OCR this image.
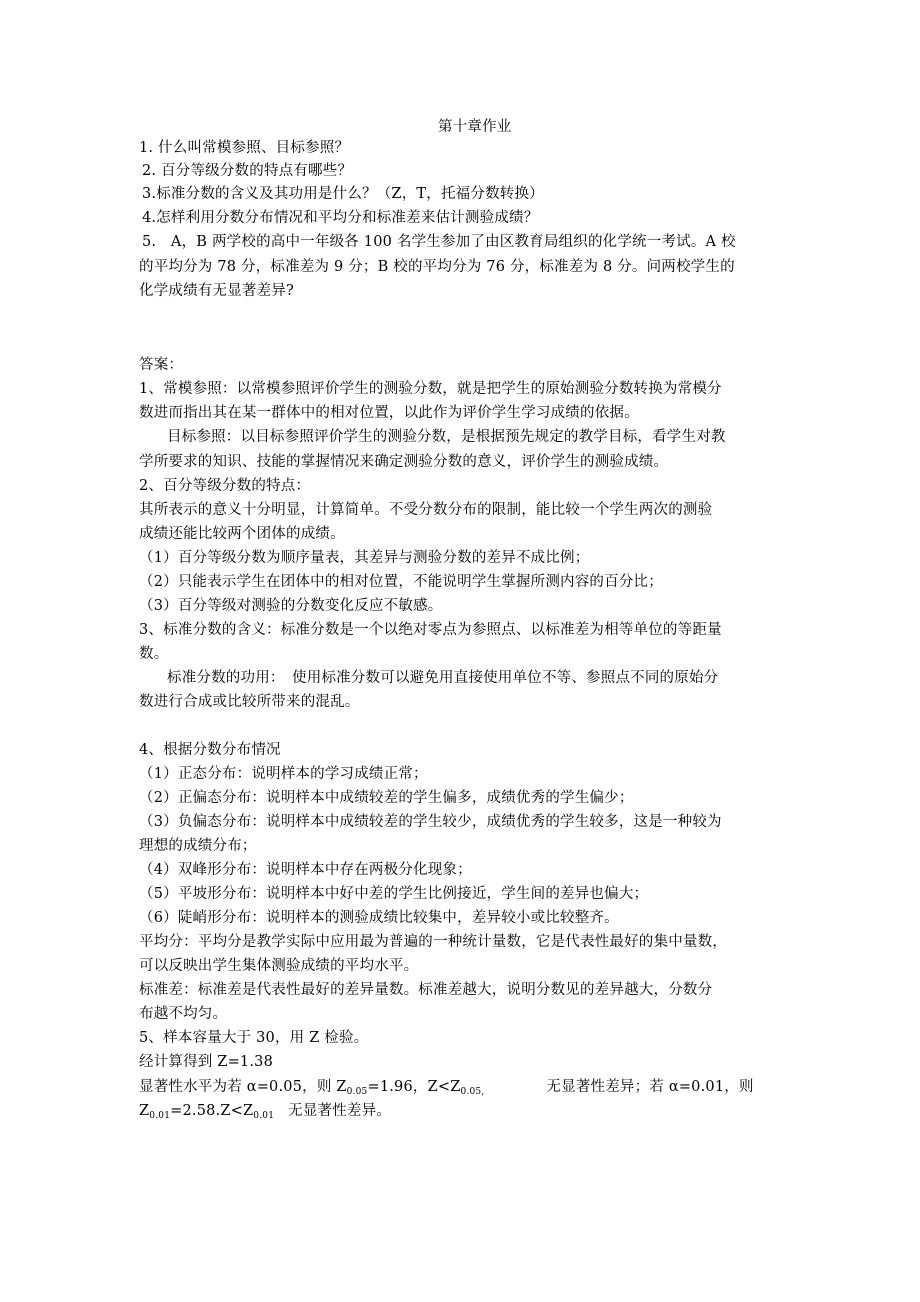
第十章作业
1. 什么叫常模参照、目标参照？
2. 百分等级分数的特点有哪些？
3.标准分数的含义及其功用是什么？（Z，T，托福分数转换）
4.怎样利用分数分布情况和平均分和标准差来估计测验成绩？
5.　A，B 两学校的高中一年级各 100 名学生参加了由区教育局组织的化学统一考试。A 校
的平均分为 78 分，标准差为 9 分；B 校的平均分为 76 分，标准差为 8 分。问两校学生的
化学成绩有无显著差异?
答案：
1、常模参照：以常模参照评价学生的测验分数，就是把学生的原始测验分数转换为常模分
数进而指出其在某一群体中的相对位置，以此作为评价学生学习成绩的依据。
目标参照：以目标参照评价学生的测验分数，是根据预先规定的教学目标，看学生对教
学所要求的知识、技能的掌握情况来确定测验分数的意义，评价学生的测验成绩。
2、百分等级分数的特点：
其所表示的意义十分明显，计算简单。不受分数分布的限制，能比较一个学生两次的测验
成绩还能比较两个团体的成绩。
（1）百分等级分数为顺序量表，其差异与测验分数的差异不成比例；
（2）只能表示学生在团体中的相对位置，不能说明学生掌握所测内容的百分比；
（3）百分等级对测验的分数变化反应不敏感。
3、标准分数的含义：标准分数是一个以绝对零点为参照点、以标准差为相等单位的等距量
数。
标准分数的功用：　使用标准分数可以避免用直接使用单位不等、参照点不同的原始分
数进行合成或比较所带来的混乱。
4、根据分数分布情况
（1）正态分布：说明样本的学习成绩正常；
（2）正偏态分布：说明样本中成绩较差的学生偏多，成绩优秀的学生偏少；
（3）负偏态分布：说明样本中成绩较差的学生较少，成绩优秀的学生较多，这是一种较为
理想的成绩分布；
（4）双峰形分布：说明样本中存在两极分化现象；
（5）平坡形分布：说明样本中好中差的学生比例接近，学生间的差异也偏大；
（6）陡峭形分布：说明样本的测验成绩比较集中，差异较小或比较整齐。
平均分：平均分是教学实际中应用最为普遍的一种统计量数，它是代表性最好的集中量数，
可以反映出学生集体测验成绩的平均水平。
标准差：标准差是代表性最好的差异量数。标准差越大，说明分数见的差异越大，分数分
布越不均匀。
5、样本容量大于 30，用 Z 检验。
经计算得到 Z=1.38
显著性水平为若 α=0.05，则 $Z_{0.05}=1.96$，$Z<Z_{0.05,}$	无显著性差异；若 α=0.01，则
$Z_{0.01}=2.58.Z<Z_{0.01}$ 无显著性差异。
